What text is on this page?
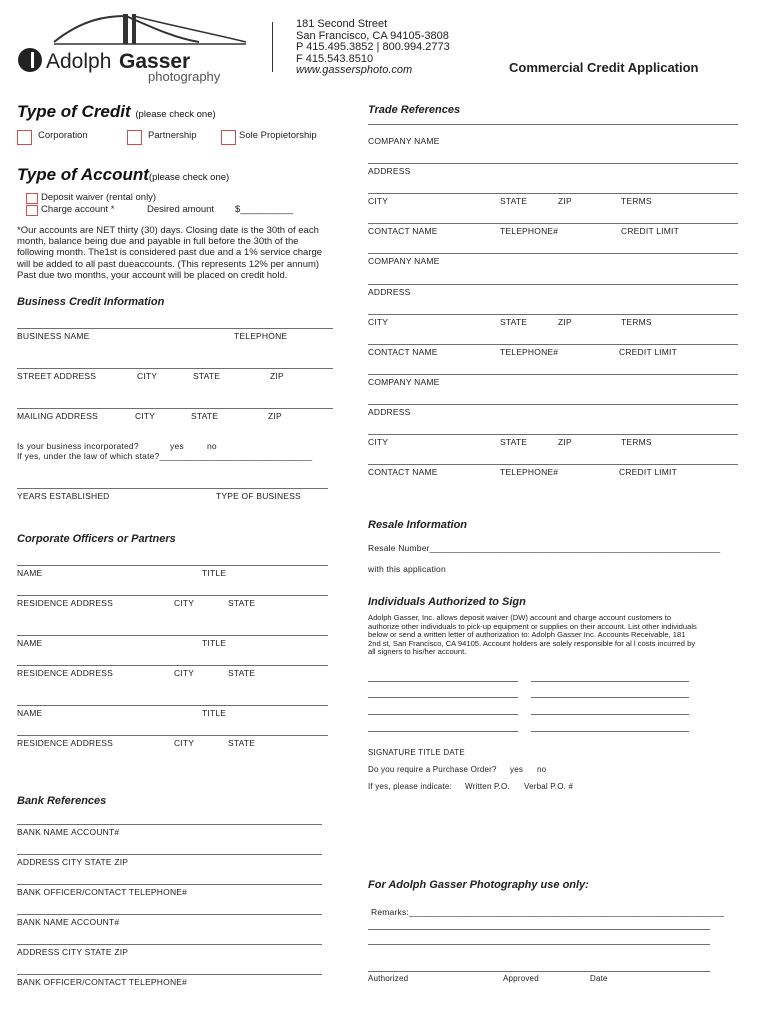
Adolph Gasser
photography
181 Second Street
San Francisco, CA 94105-3808
P 415.495.3852 | 800.994.2773
F 415.543.8510
www.gassersphoto.com	Commercial Credit Application
Type of Credit (please check one)
Corporation	Partnership	Sole Propietorship
Type of Account(please check one)
Deposit waiver (rental only)
Charge account *	Desired amount $__________
*Our accounts are NET thirty (30) days. Closing date is the 30th of each month, balance being due and payable in full before the 30th of the following month. The1st is considered past due and a 1% service charge will be added to all past dueaccounts. (This represents 12% per annum) Past due two months, your account will be placed on credit hold.
Business Credit Information
BUSINESS NAME	TELEPHONE
STREET ADDRESS	CITY	STATE	ZIP
MAILING ADDRESS	CITY	STATE	ZIP
Is your business incorporated?	yes	no
If yes, under the law of which state?_______________________________
YEARS ESTABLISHED	TYPE OF BUSINESS
Corporate Officers or Partners
NAME	TITLE
RESIDENCE ADDRESS	CITY	STATE
NAME	TITLE
RESIDENCE ADDRESS	CITY	STATE
NAME	TITLE
RESIDENCE ADDRESS	CITY	STATE
Bank References
BANK NAME ACCOUNT#
ADDRESS CITY STATE ZIP
BANK OFFICER/CONTACT TELEPHONE#
BANK NAME ACCOUNT#
ADDRESS CITY STATE ZIP
BANK OFFICER/CONTACT TELEPHONE#
Trade References
COMPANY NAME
ADDRESS
CITY	STATE	ZIP	TERMS
CONTACT NAME	TELEPHONE#	CREDIT LIMIT
COMPANY NAME
ADDRESS
CITY	STATE	ZIP	TERMS
CONTACT NAME	TELEPHONE#	CREDIT LIMIT
COMPANY NAME
ADDRESS
CITY	STATE	ZIP	TERMS
CONTACT NAME	TELEPHONE#	CREDIT LIMIT
Resale Information
Resale Number___________________________________________________________
with this application
Individuals Authorized to Sign
Adolph Gasser, Inc. allows deposit waiver (DW) account and charge account customers to authorize other individuals to pick-up equipment or supplies on their account. List other individuals below or send a written letter of authorization to: Adolph Gasser Inc. Accounts Receivable, 181 2nd st, San Francisco, CA 94105. Account holders are solely responsible for al l costs incurred by all signers to his/her account.
SIGNATURE TITLE DATE
Do you require a Purchase Order? yes no
If yes, please indicate: Written P.O. Verbal P.O. #
For Adolph Gasser Photography use only:
Remarks:________________________________________________________________
Authorized	Approved	Date
